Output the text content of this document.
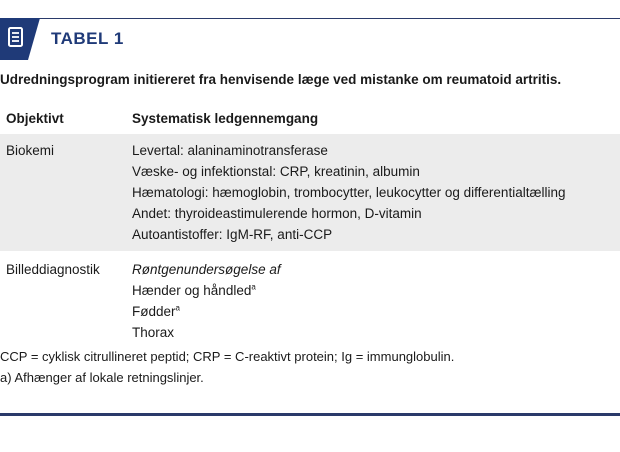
TABEL 1
Udredningsprogram initiereret fra henvisende læge ved mistanke om reumatoid artritis.
Objektivt	Systematisk ledgennemgang
Biokemi	Levertal: alaninaminotransferase
Væske- og infektionstal: CRP, kreatinin, albumin
Hæmatologi: hæmoglobin, trombocytter, leukocytter og differentialtælling
Andet: thyroideastimulerende hormon, D-vitamin
Autoantistoffer: IgM-RF, anti-CCP
Billeddiagnostik Røntgenundersøgelse af
Hænder og håndled$^a$
Fødder$^a$
Thorax
CCP = cyklisk citrullineret peptid; CRP = C-reaktivt protein; Ig = immunglobulin.
a) Afhænger af lokale retningslinjer.
